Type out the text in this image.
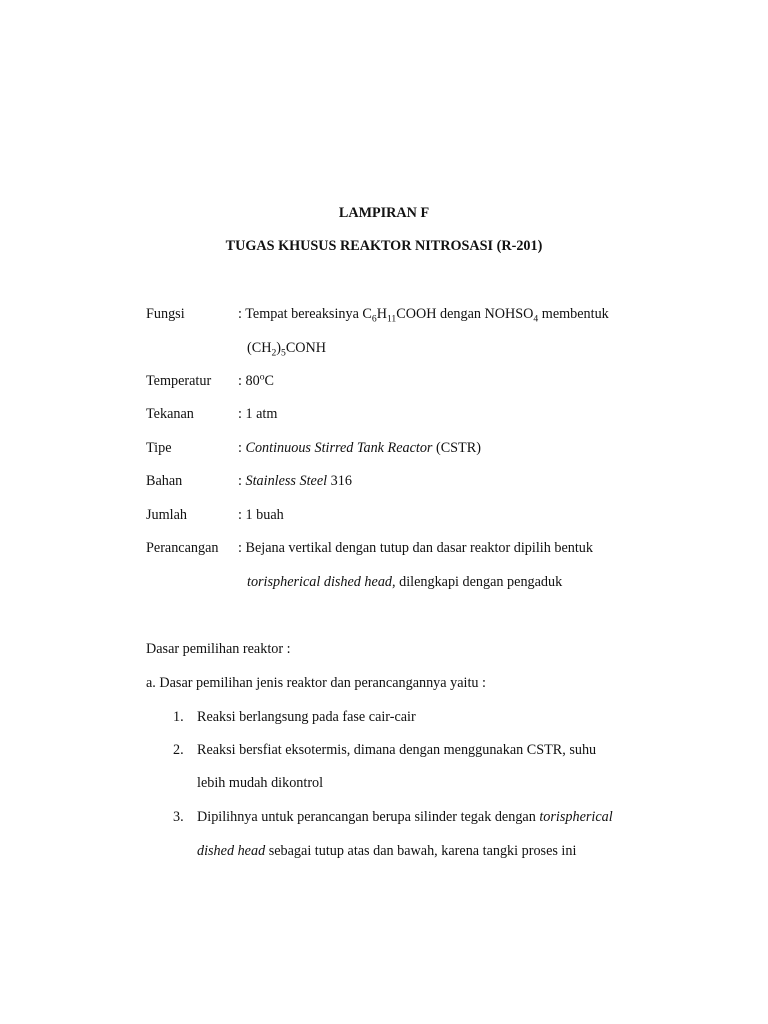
LAMPIRAN F
TUGAS KHUSUS REAKTOR NITROSASI (R-201)
Fungsi	: Tempat bereaksinya $C_6H_{11}COOH$ dengan $NOHSO_4$ membentuk
$(CH_2)_5CONH$
Temperatur : 80$^o$C
Tekanan	: 1 atm
Tipe	: Continuous Stirred Tank Reactor (CSTR)
Bahan	: Stainless Steel 316
Jumlah	: 1 buah
Perancangan : Bejana vertikal dengan tutup dan dasar reaktor dipilih bentuk
torispherical dished head, dilengkapi dengan pengaduk
Dasar pemilihan reaktor :
a. Dasar pemilihan jenis reaktor dan perancangannya yaitu :
1. Reaksi berlangsung pada fase cair-cair
2. Reaksi bersfiat eksotermis, dimana dengan menggunakan CSTR, suhu
lebih mudah dikontrol
3. Dipilihnya untuk perancangan berupa silinder tegak dengan torispherical
dished head sebagai tutup atas dan bawah, karena tangki proses ini
